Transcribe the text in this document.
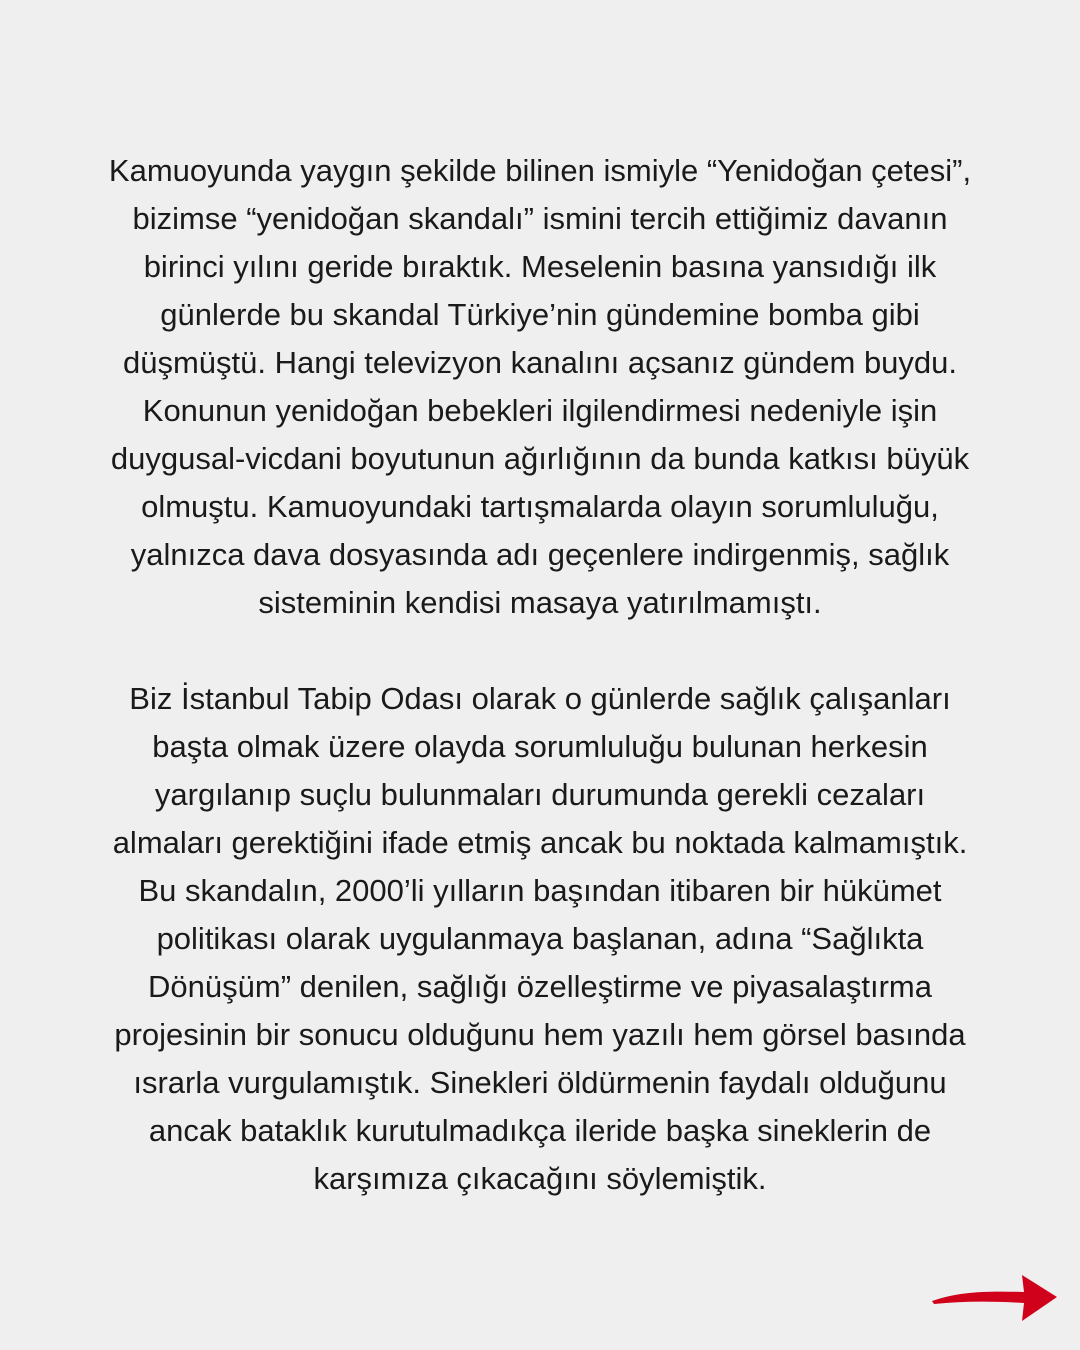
Kamuoyunda yaygın şekilde bilinen ismiyle “Yenidoğan çetesi”,
bizimse “yenidoğan skandalı” ismini tercih ettiğimiz davanın
birinci yılını geride bıraktık. Meselenin basına yansıdığı ilk
günlerde bu skandal Türkiye’nin gündemine bomba gibi
düşmüştü. Hangi televizyon kanalını açsanız gündem buydu.
Konunun yenidoğan bebekleri ilgilendirmesi nedeniyle işin
duygusal-vicdani boyutunun ağırlığının da bunda katkısı büyük
olmuştu. Kamuoyundaki tartışmalarda olayın sorumluluğu,
yalnızca dava dosyasında adı geçenlere indirgenmiş, sağlık
sisteminin kendisi masaya yatırılmamıştı.

Biz İstanbul Tabip Odası olarak o günlerde sağlık çalışanları
başta olmak üzere olayda sorumluluğu bulunan herkesin
yargılanıp suçlu bulunmaları durumunda gerekli cezaları
almaları gerektiğini ifade etmiş ancak bu noktada kalmamıştık.
Bu skandalın, 2000’li yılların başından itibaren bir hükümet
politikası olarak uygulanmaya başlanan, adına “Sağlıkta
Dönüşüm” denilen, sağlığı özelleştirme ve piyasalaştırma
projesinin bir sonucu olduğunu hem yazılı hem görsel basında
ısrarla vurgulamıştık. Sinekleri öldürmenin faydalı olduğunu
ancak bataklık kurutulmadıkça ileride başka sineklerin de
karşımıza çıkacağını söylemiştik.
